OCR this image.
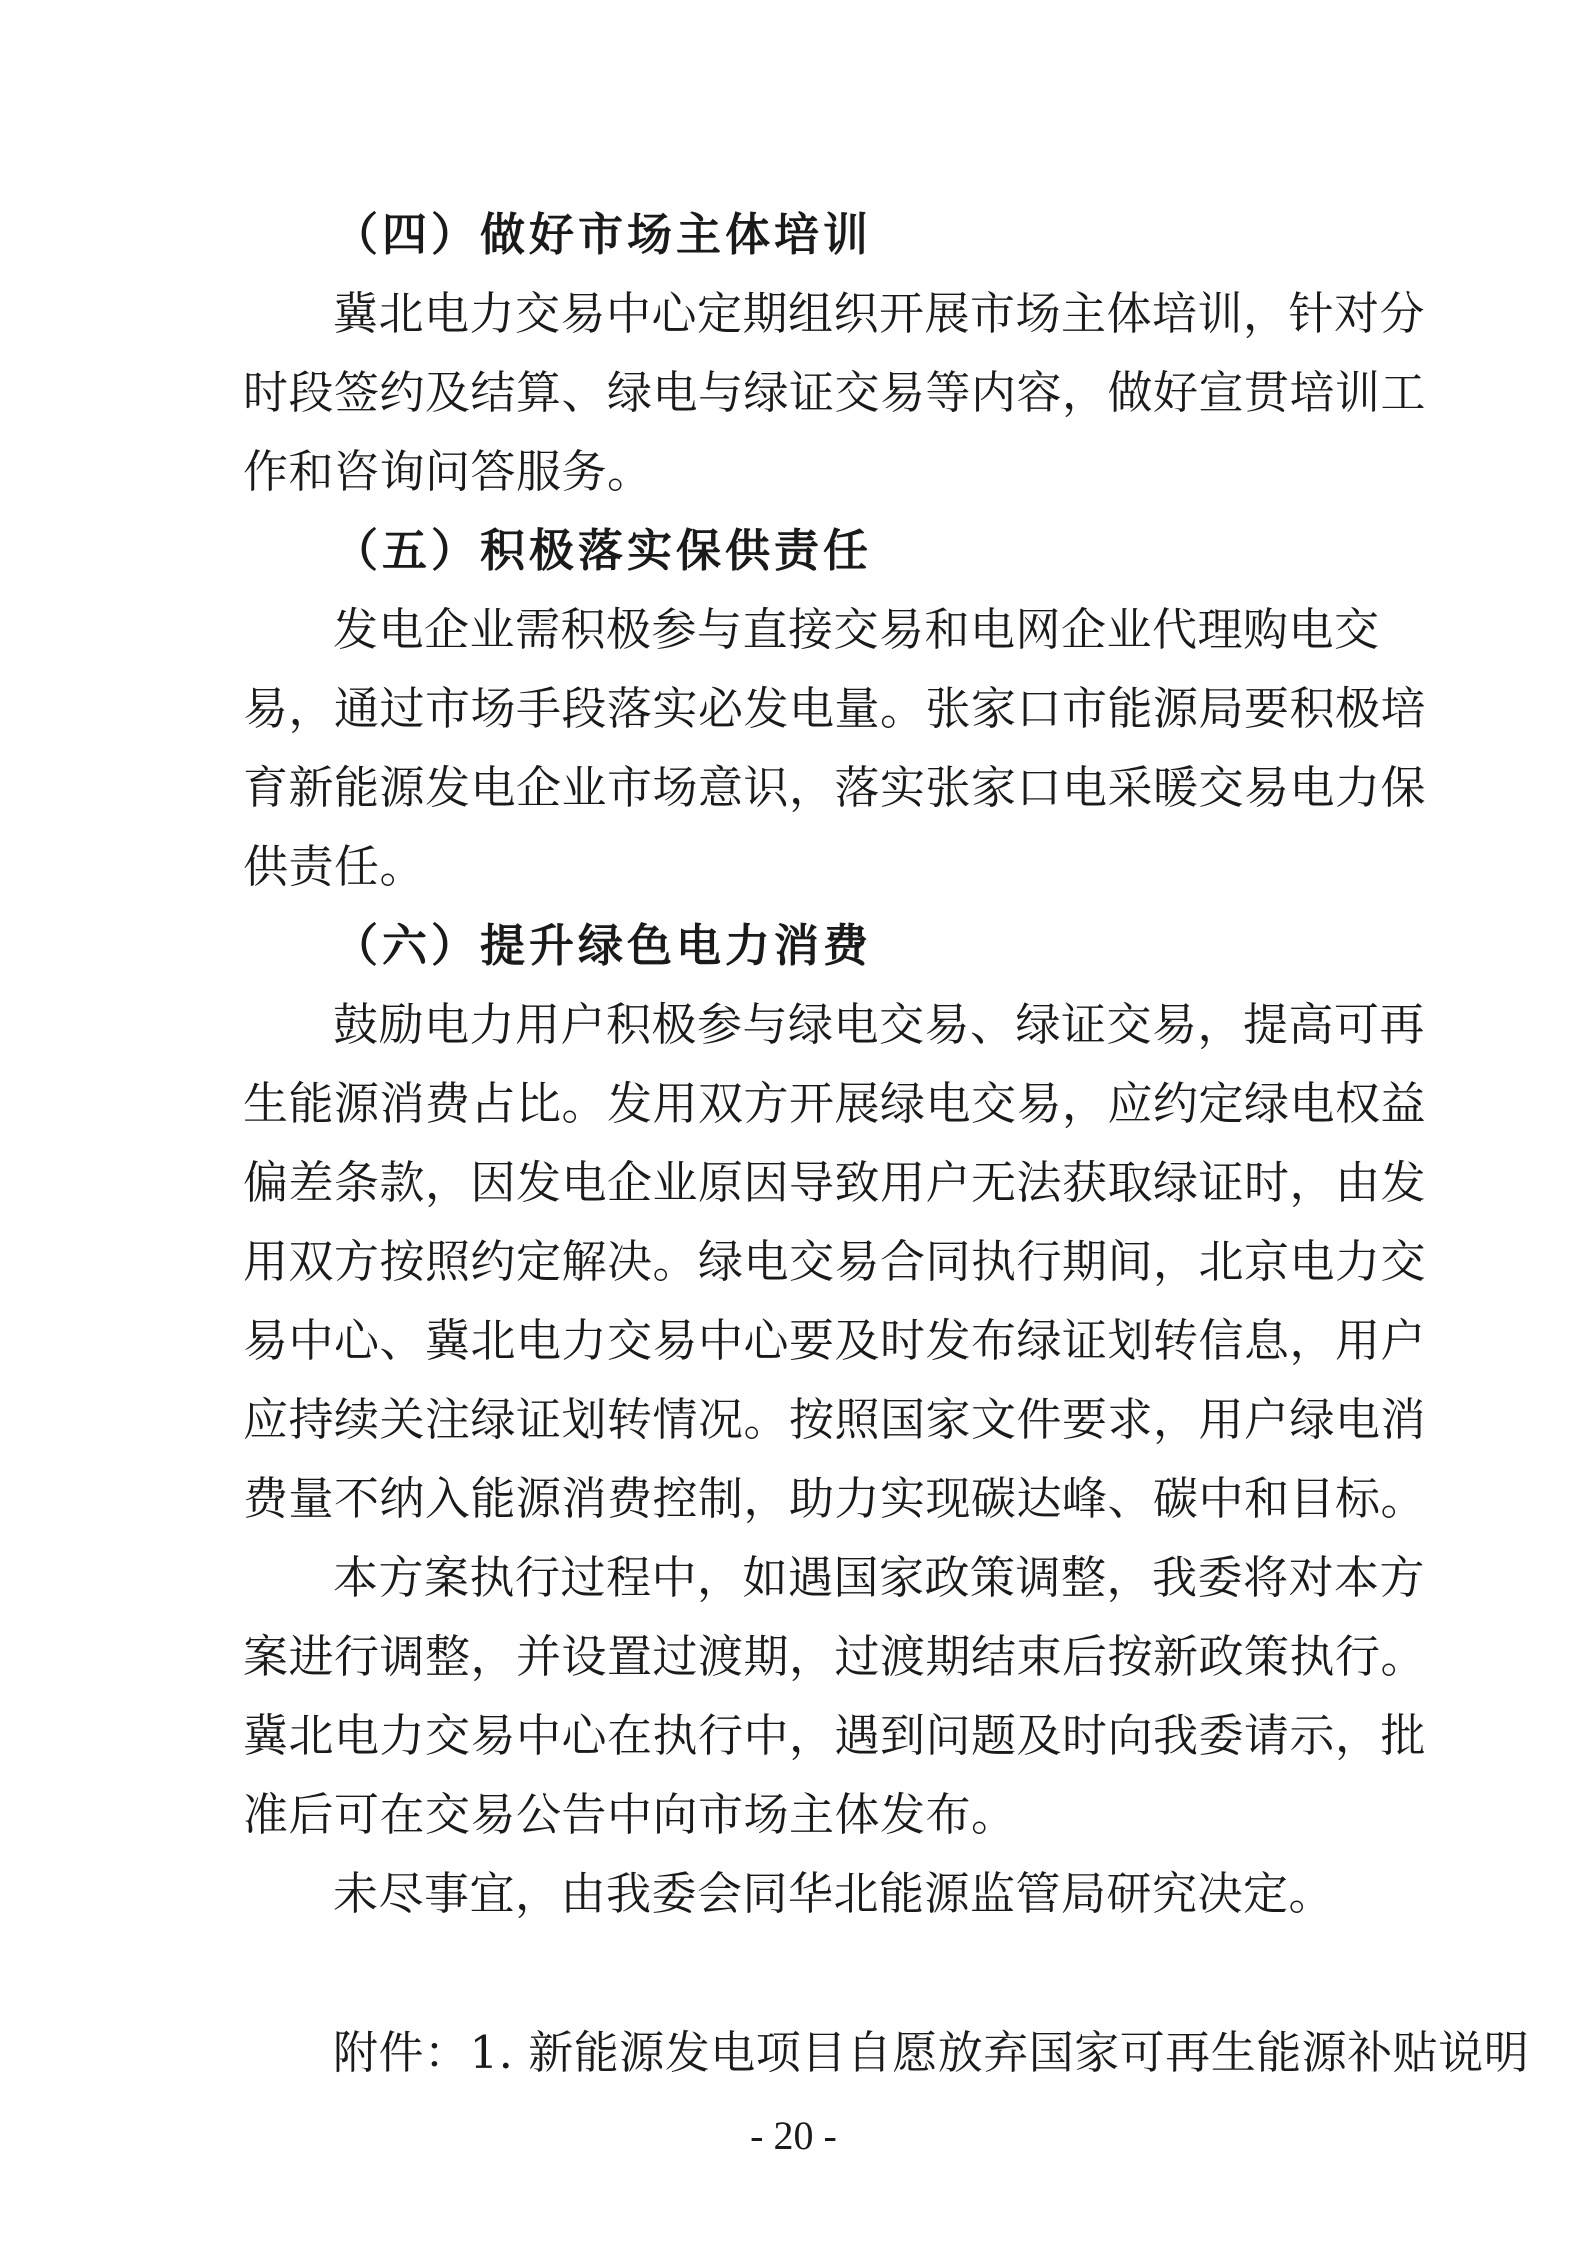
（四）做好市场主体培训
冀北电力交易中心定期组织开展市场主体培训，针对分
时段签约及结算、绿电与绿证交易等内容，做好宣贯培训工
作和咨询问答服务。
（五）积极落实保供责任
发电企业需积极参与直接交易和电网企业代理购电交
易，通过市场手段落实必发电量。张家口市能源局要积极培
育新能源发电企业市场意识，落实张家口电采暖交易电力保
供责任。
（六）提升绿色电力消费
鼓励电力用户积极参与绿电交易、绿证交易，提高可再
生能源消费占比。发用双方开展绿电交易，应约定绿电权益
偏差条款，因发电企业原因导致用户无法获取绿证时，由发
用双方按照约定解决。绿电交易合同执行期间，北京电力交
易中心、冀北电力交易中心要及时发布绿证划转信息，用户
应持续关注绿证划转情况。按照国家文件要求，用户绿电消
费量不纳入能源消费控制，助力实现碳达峰、碳中和目标。
本方案执行过程中，如遇国家政策调整，我委将对本方
案进行调整，并设置过渡期，过渡期结束后按新政策执行。
冀北电力交易中心在执行中，遇到问题及时向我委请示，批
准后可在交易公告中向市场主体发布。
未尽事宜，由我委会同华北能源监管局研究决定。
附件：1. 新能源发电项目自愿放弃国家可再生能源补贴说明
- 20 -
